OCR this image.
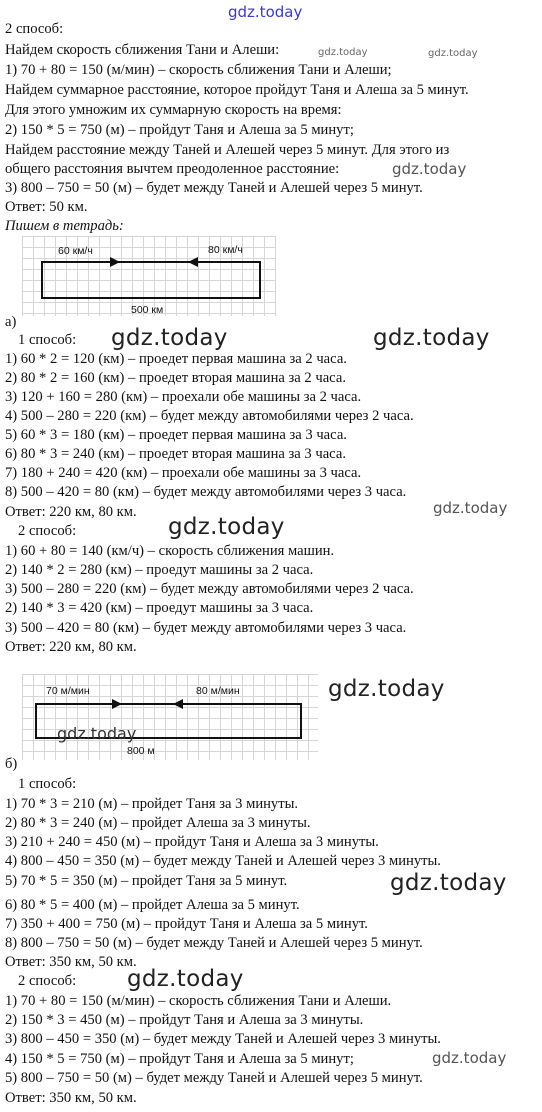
gdz.today
2 способ:
Найдем скорость сближения Тани и Алеши:	gdz.today	gdz.today
1) 70 + 80 = 150 (м/мин) – скорость сближения Тани и Алеши;
Найдем суммарное расстояние, которое пройдут Таня и Алеша за 5 минут.
Для этого умножим их суммарную скорость на время:
2) 150 * 5 = 750 (м) – пройдут Таня и Алеша за 5 минут;
Найдем расстояние между Таней и Алешей через 5 минут. Для этого из
общего расстояния вычтем преодоленное расстояние:	gdz.today
3) 800 – 750 = 50 (м) – будет между Таней и Алешей через 5 минут.
Ответ: 50 км.
Пишем в тетрадь:
60 км/ч	80 км/ч
500 км
а)
1 способ: gdz.today	gdz.today
1) 60 * 2 = 120 (км) – проедет первая машина за 2 часа.
2) 80 * 2 = 160 (км) – проедет вторая машина за 2 часа.
3) 120 + 160 = 280 (км) – проехали обе машины за 2 часа.
4) 500 – 280 = 220 (км) – будет между автомобилями через 2 часа.
5) 60 * 3 = 180 (км) – проедет первая машина за 3 часа.
6) 80 * 3 = 240 (км) – проедет вторая машина за 3 часа.
7) 180 + 240 = 420 (км) – проехали обе машины за 3 часа.
8) 500 – 420 = 80 (км) – будет между автомобилями через 3 часа.
gdz.today
Ответ: 220 км, 80 км.
gdz.today
2 способ:
1) 60 + 80 = 140 (км/ч) – скорость сближения машин.
2) 140 * 2 = 280 (км) – проедут машины за 2 часа.
3) 500 – 280 = 220 (км) – будет между автомобилями через 2 часа.
2) 140 * 3 = 420 (км) – проедут машины за 3 часа.
3) 500 – 420 = 80 (км) – будет между автомобилями через 3 часа.
Ответ: 220 км, 80 км.
70 м/мин	80 м/мин
gdz.today
800 м
gdz.today
б)
1 способ:
1) 70 * 3 = 210 (м) – пройдет Таня за 3 минуты.
2) 80 * 3 = 240 (м) – пройдет Алеша за 3 минуты.
3) 210 + 240 = 450 (м) – пройдут Таня и Алеша за 3 минуты.
4) 800 – 450 = 350 (м) – будет между Таней и Алешей через 3 минуты.
5) 70 * 5 = 350 (м) – пройдет Таня за 5 минут.	gdz.today
6) 80 * 5 = 400 (м) – пройдет Алеша за 5 минут.
7) 350 + 400 = 750 (м) – пройдут Таня и Алеша за 5 минут.
8) 800 – 750 = 50 (м) – будет между Таней и Алешей через 5 минут.
Ответ: 350 км, 50 км.
2 способ: gdz.today
1) 70 + 80 = 150 (м/мин) – скорость сближения Тани и Алеши.
2) 150 * 3 = 450 (м) – пройдут Таня и Алеша за 3 минуты.
3) 800 – 450 = 350 (м) – будет между Таней и Алешей через 3 минуты.
4) 150 * 5 = 750 (м) – пройдут Таня и Алеша за 5 минут;	gdz.today
5) 800 – 750 = 50 (м) – будет между Таней и Алешей через 5 минут.
Ответ: 350 км, 50 км.
